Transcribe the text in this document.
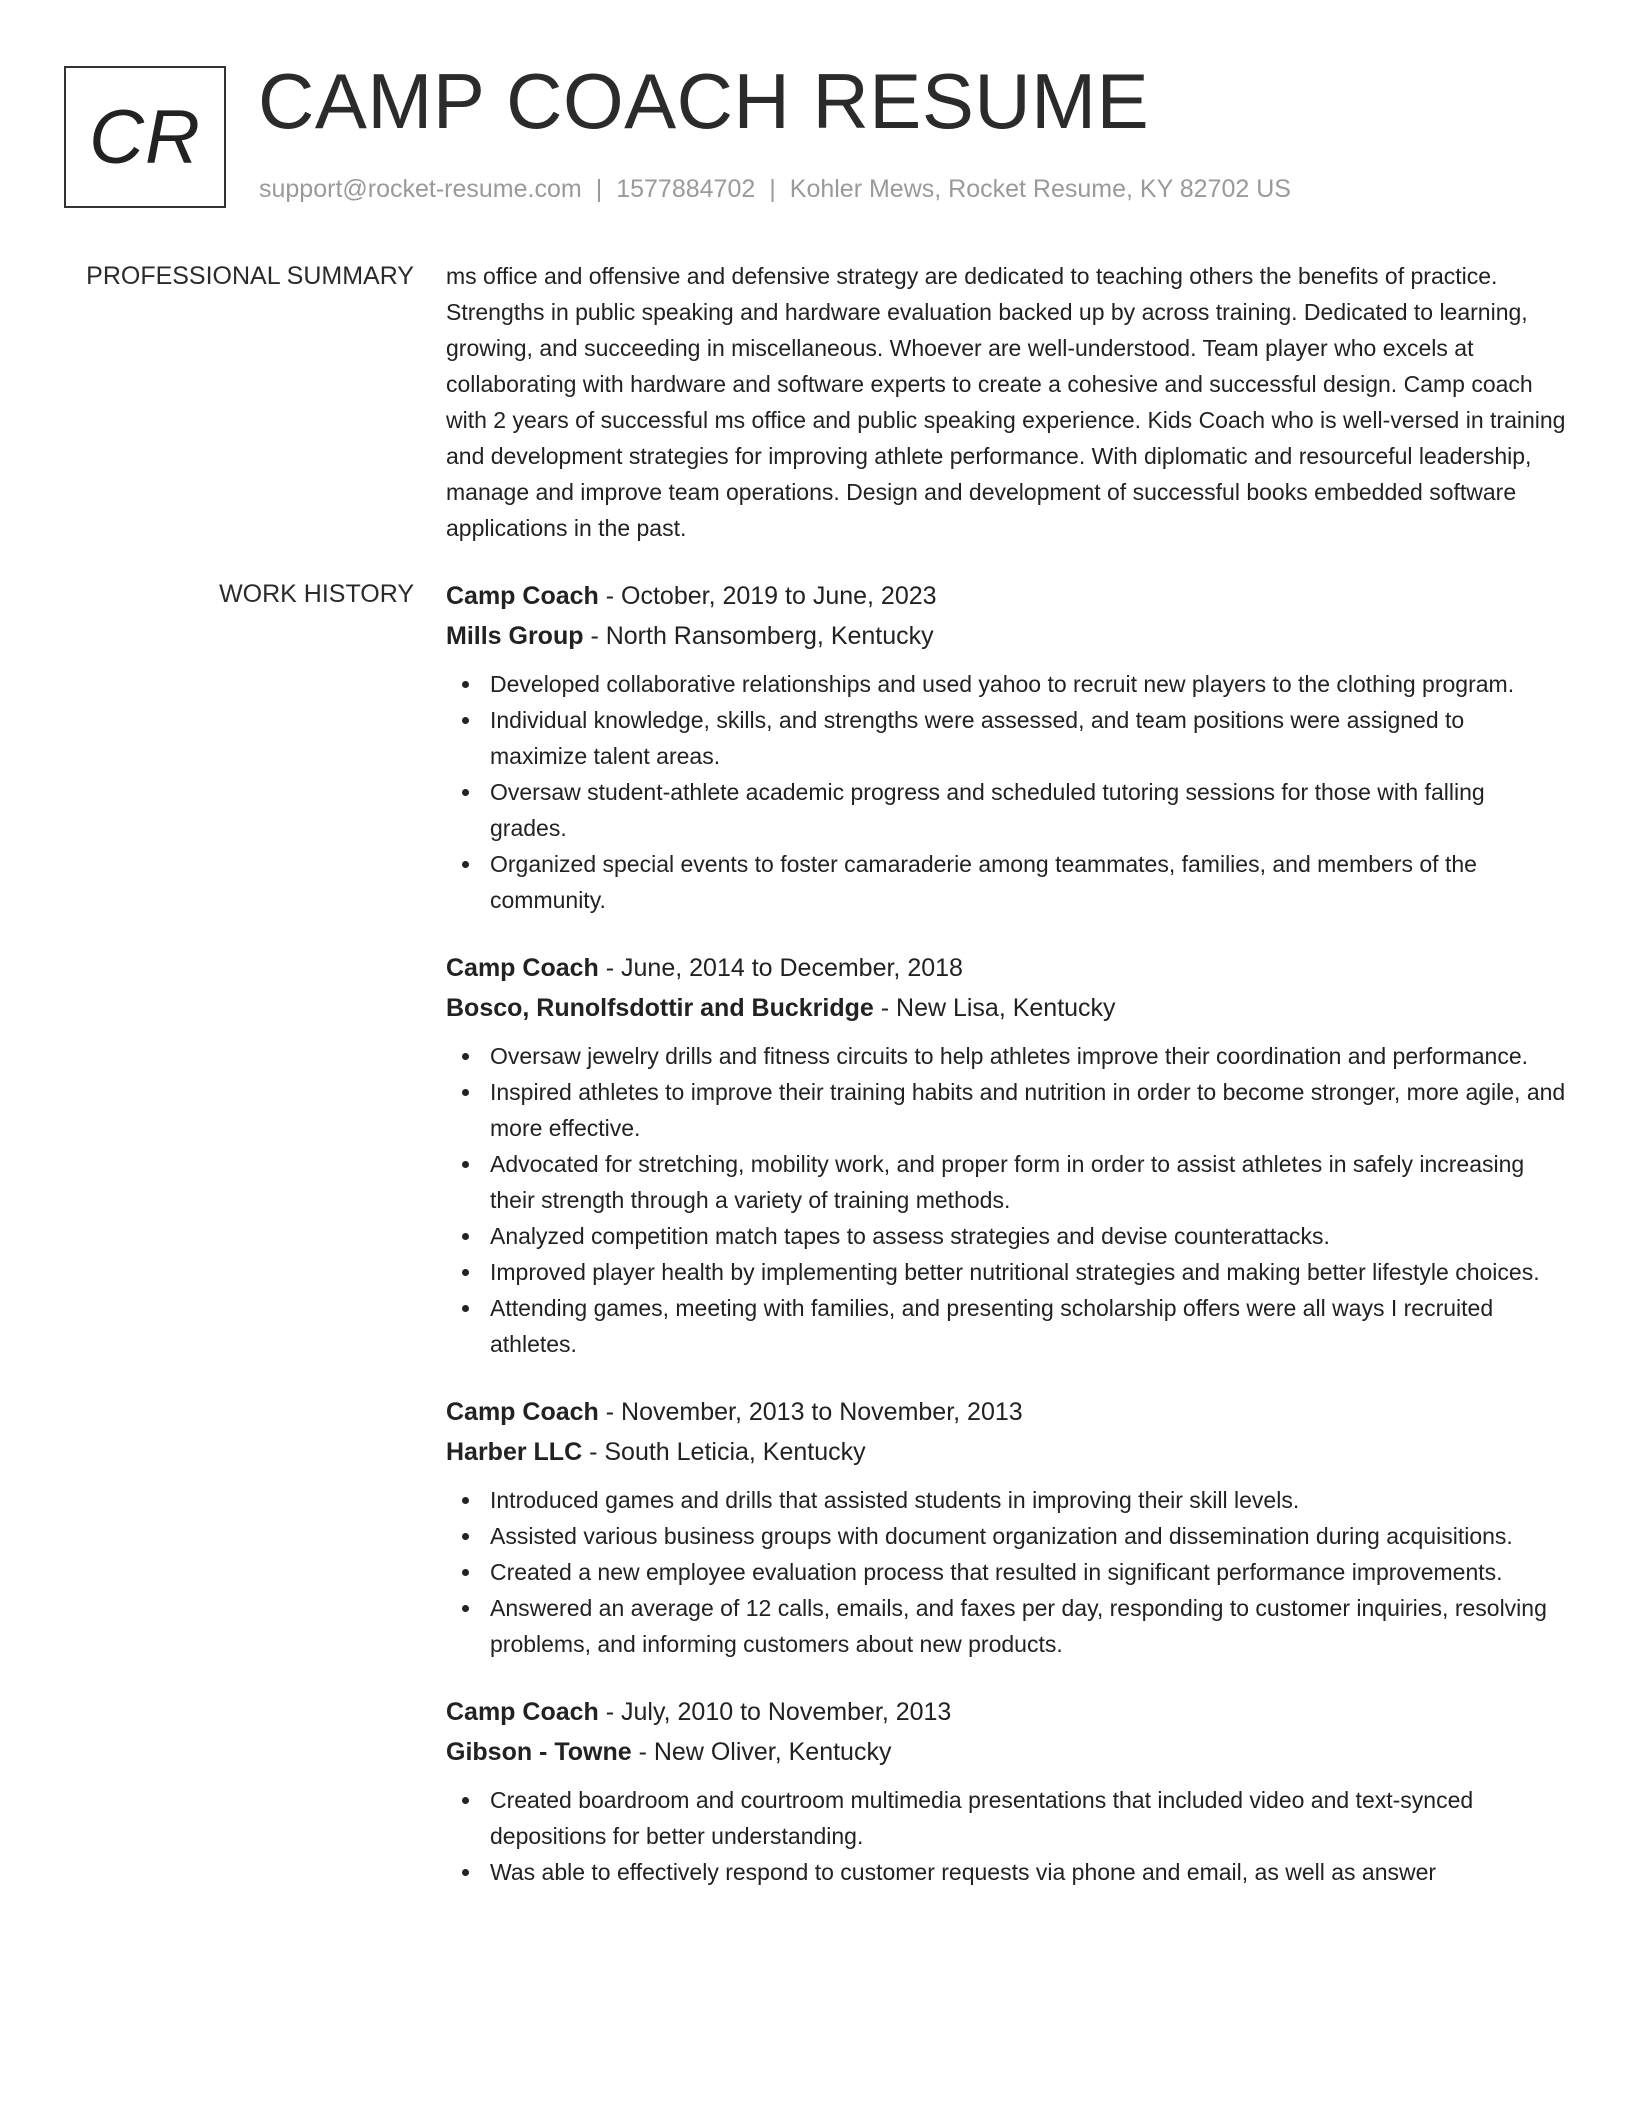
CR CAMP COACH RESUME
support@rocket-resume.com | 1577884702 | Kohler Mews, Rocket Resume, KY 82702 US
PROFESSIONAL SUMMARY ms office and offensive and defensive strategy are dedicated to teaching others the benefits of practice. Strengths in public speaking and hardware evaluation backed up by across training. Dedicated to learning, growing, and succeeding in miscellaneous. Whoever are well-understood. Team player who excels at collaborating with hardware and software experts to create a cohesive and successful design. Camp coach with 2 years of successful ms office and public speaking experience. Kids Coach who is well-versed in training and development strategies for improving athlete performance. With diplomatic and resourceful leadership, manage and improve team operations. Design and development of successful books embedded software applications in the past.

WORK HISTORY Camp Coach - October, 2019 to June, 2023
Mills Group - North Ransomberg, Kentucky
Developed collaborative relationships and used yahoo to recruit new players to the clothing program.
Individual knowledge, skills, and strengths were assessed, and team positions were assigned to maximize talent areas.
Oversaw student-athlete academic progress and scheduled tutoring sessions for those with falling grades.
Organized special events to foster camaraderie among teammates, families, and members of the community.
Camp Coach - June, 2014 to December, 2018
Bosco, Runolfsdottir and Buckridge - New Lisa, Kentucky
Oversaw jewelry drills and fitness circuits to help athletes improve their coordination and performance.
Inspired athletes to improve their training habits and nutrition in order to become stronger, more agile, and more effective.
Advocated for stretching, mobility work, and proper form in order to assist athletes in safely increasing their strength through a variety of training methods.
Analyzed competition match tapes to assess strategies and devise counterattacks.
Improved player health by implementing better nutritional strategies and making better lifestyle choices.
Attending games, meeting with families, and presenting scholarship offers were all ways I recruited athletes.
Camp Coach - November, 2013 to November, 2013
Harber LLC - South Leticia, Kentucky
Introduced games and drills that assisted students in improving their skill levels.
Assisted various business groups with document organization and dissemination during acquisitions.
Created a new employee evaluation process that resulted in significant performance improvements.
Answered an average of 12 calls, emails, and faxes per day, responding to customer inquiries, resolving problems, and informing customers about new products.
Camp Coach - July, 2010 to November, 2013
Gibson - Towne - New Oliver, Kentucky
Created boardroom and courtroom multimedia presentations that included video and text-synced depositions for better understanding.
Was able to effectively respond to customer requests via phone and email, as well as answer
